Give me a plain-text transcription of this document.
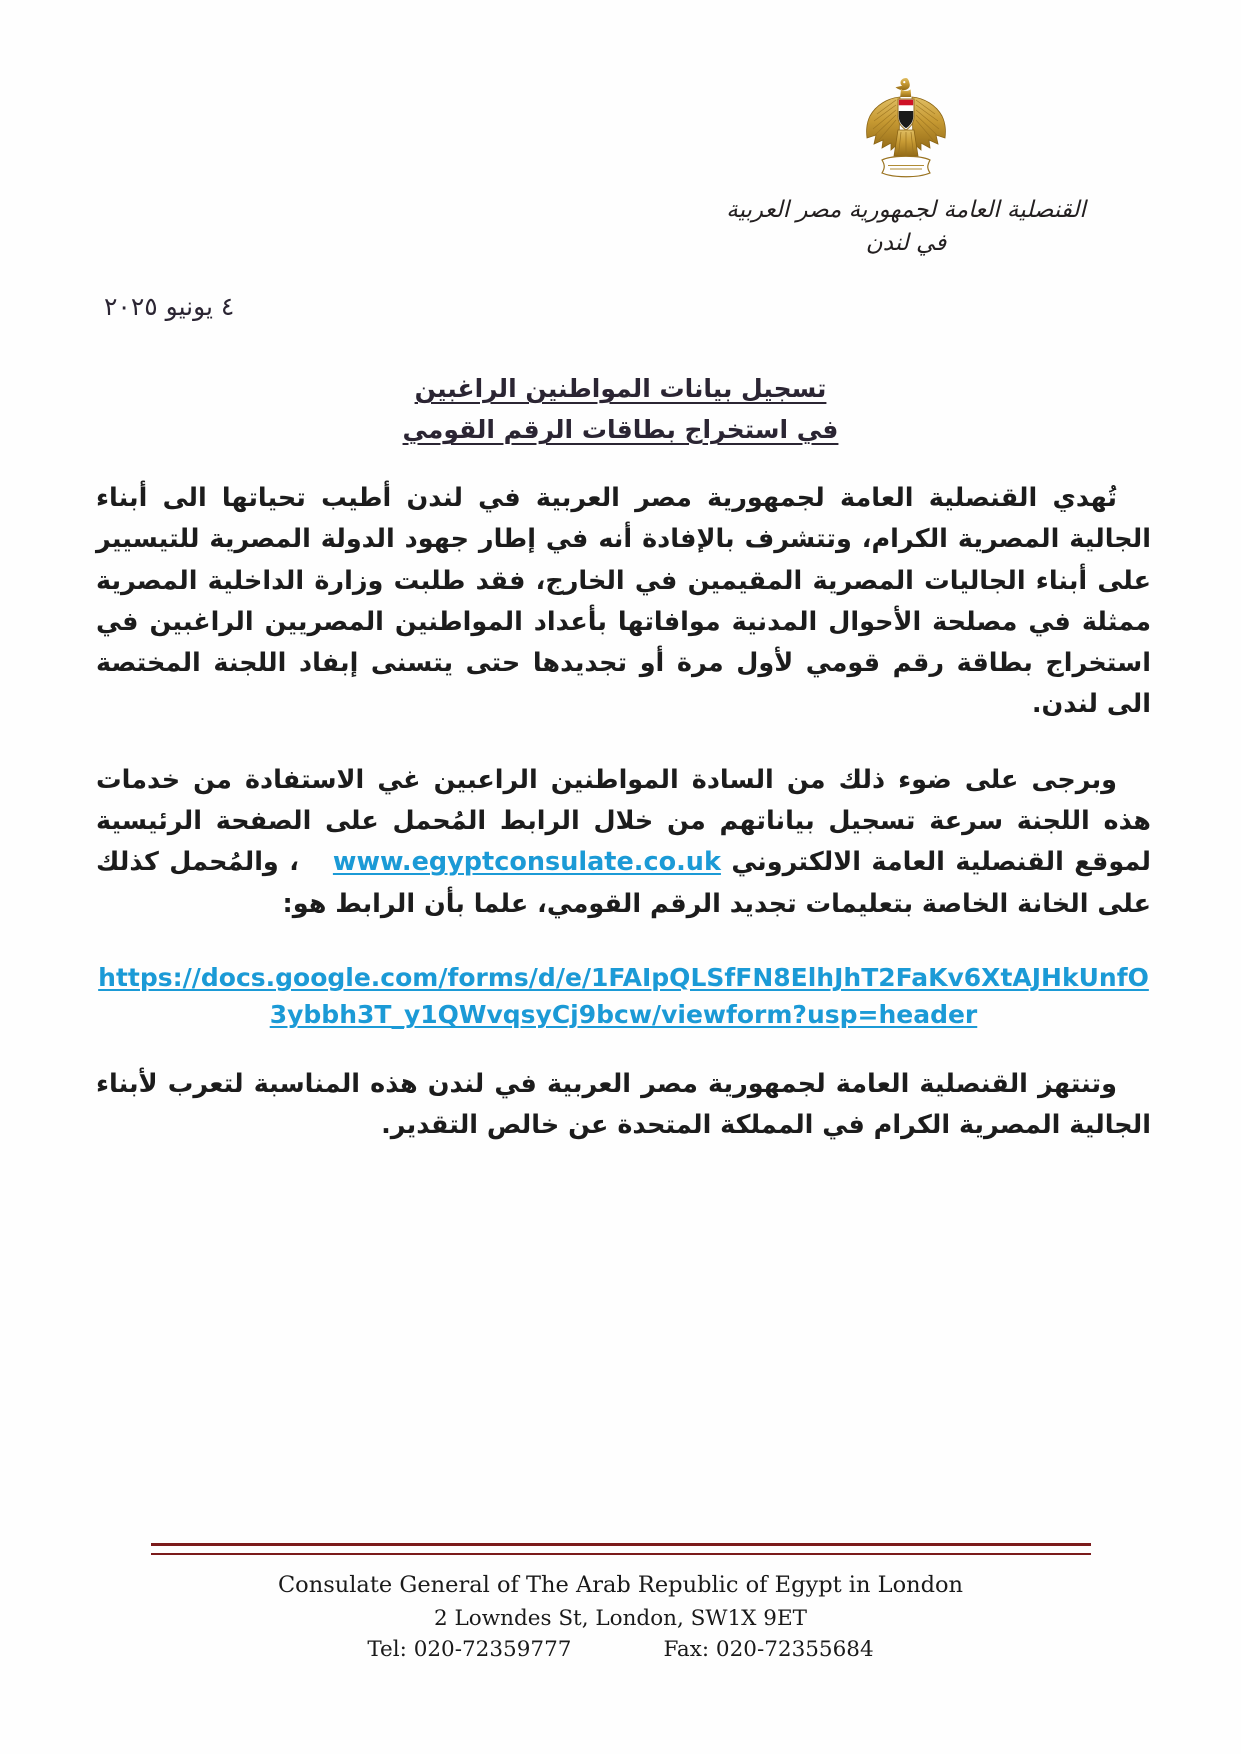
القنصلية العامة لجمهورية مصر العربية
في لندن
٤ يونيو ٢٠٢٥
تسجيل بيانات المواطنين الراغبين
في استخراج بطاقات الرقم القومي

تُهدي القنصلية العامة لجمهورية مصر العربية في لندن أطيب تحياتها الى أبناء الجالية المصرية الكرام، وتتشرف بالإفادة أنه في إطار جهود الدولة المصرية للتيسيير على أبناء الجاليات المصرية المقيمين في الخارج، فقد طلبت وزارة الداخلية المصرية ممثلة في مصلحة الأحوال المدنية موافاتها بأعداد المواطنين المصريين الراغبين في استخراج بطاقة رقم قومي لأول مرة أو تجديدها حتى يتسنى إبفاد اللجنة المختصة الى لندن.

وبرجى على ضوء ذلك من السادة المواطنين الراعبين غي الاستفادة من خدمات هذه اللجنة سرعة تسجيل بياناتهم من خلال الرابط المُحمل على الصفحة الرئيسية لموقع القنصلية العامة الالكتروني www.egyptconsulate.co.uk، والمُحمل كذلك على الخانة الخاصة بتعليمات تجديد الرقم القومي، علما بأن الرابط هو:

https://docs.google.com/forms/d/e/1FAIpQLSfFN8ElhJhT2FaKv6XtAJHkUnfO3ybbh3T_y1QWvqsyCj9bcw/viewform?usp=header

وتنتهز القنصلية العامة لجمهورية مصر العربية في لندن هذه المناسبة لتعرب لأبناء الجالية المصرية الكرام في المملكة المتحدة عن خالص التقدير.

Consulate General of The Arab Republic of Egypt in London
2 Lowndes St, London, SW1X 9ET
Tel: 020-72359777	Fax: 020-72355684
